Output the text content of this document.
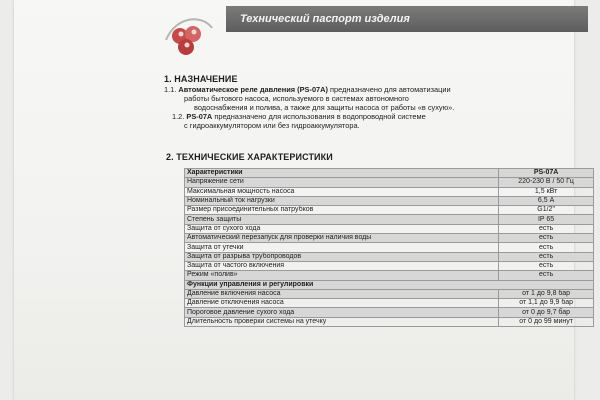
Технический паспорт изделия
1. НАЗНАЧЕНИЕ
1.1. Автоматическое реле давления (PS-07A) предназначено для автоматизации
работы бытового насоса, используемого в системах автономного
водоснабжения и полива, а также для защиты насоса от работы «в сухую».
1.2. PS-07A предназначено для использования в водопроводной системе
с гидроаккумулятором или без гидроаккумулятора.
2. ТЕХНИЧЕСКИЕ ХАРАКТЕРИСТИКИ
Характеристики	PS-07A
Напряжение сети	220-230 В / 50 Гц
Максимальная мощность насоса	1,5 кВт
Номинальный ток нагрузки	6,5 А
Размер присоединительных патрубков	G1/2"
Степень защиты	IP 65
Защита от сухого хода	есть
Автоматический перезапуск для проверки наличия воды	есть
Защита от утечки	есть
Защита от разрыва трубопроводов	есть
Защита от частого включения	есть
Режим «полив»	есть
Функции управления и регулировки	
Давление включения насоса	от 1 до 9,8 бар
Давление отключения насоса	от 1,1 до 9,9 бар
Пороговое давление сухого хода	от 0 до 9,7 бар
Длительность проверки системы на утечку	от 0 до 99 минут
